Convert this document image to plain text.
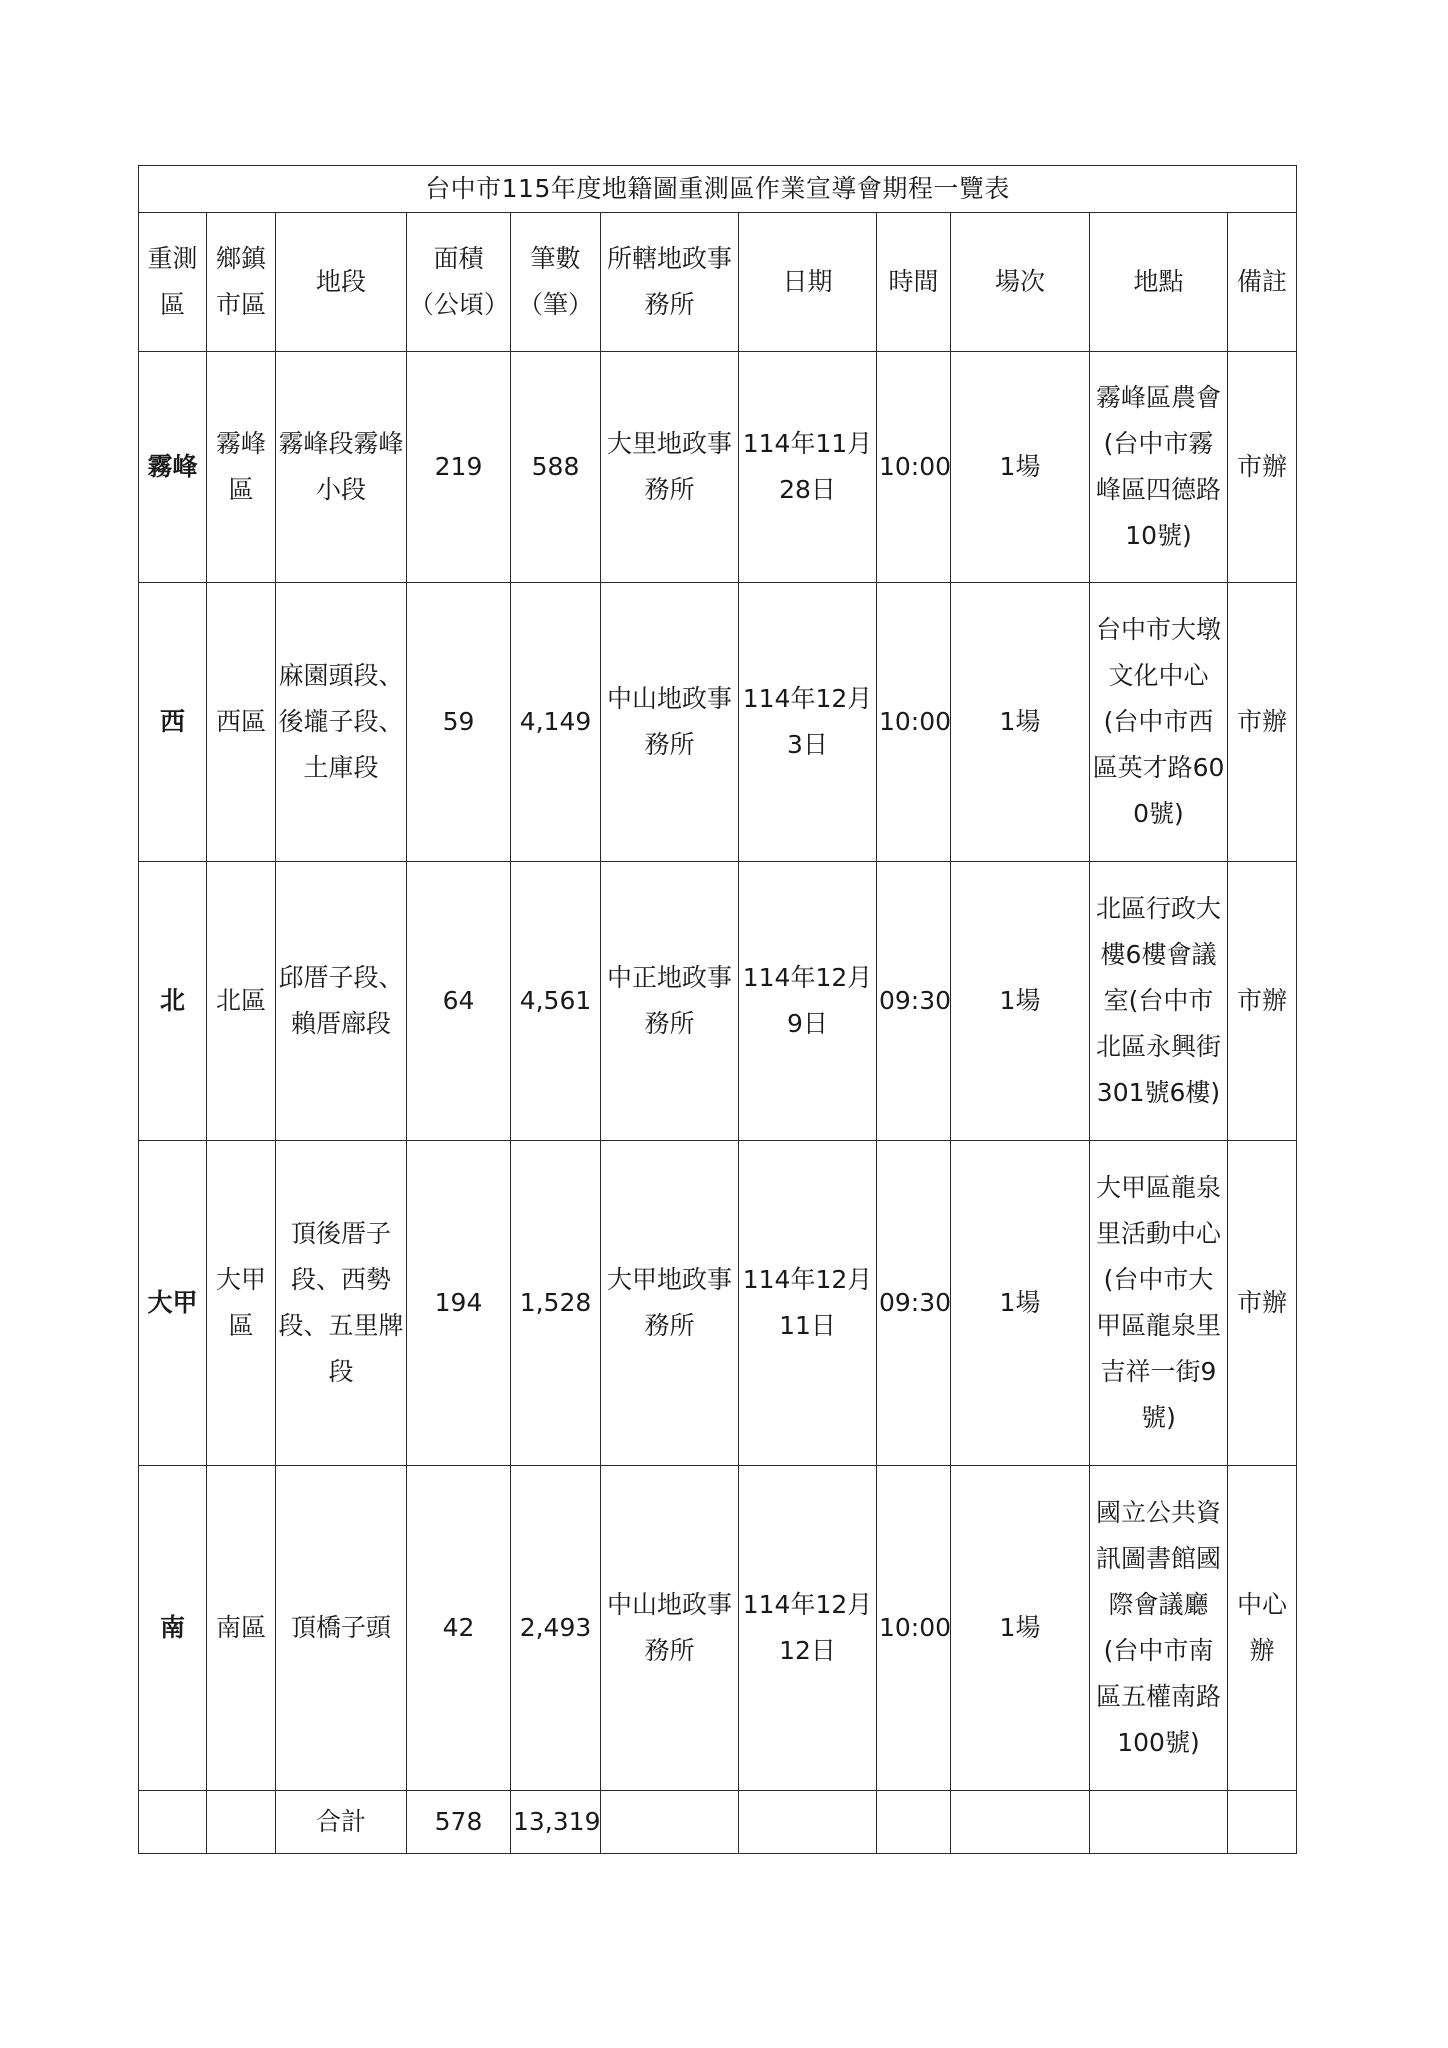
台中市115年度地籍圖重測區作業宣導會期程一覽表										
重測區	鄉鎮市區	地段	面積（公頃）	筆數（筆）	所轄地政事務所	日期	時間	場次	地點	備註
霧峰	霧峰區	霧峰段霧峰小段	219	588	大里地政事務所	114年11月28日	10:00	1場	霧峰區農會(台中市霧峰區四德路10號)	市辦
西	西區	麻園頭段、後壠子段、土庫段	59	4,149	中山地政事務所	114年12月3日	10:00	1場	台中市大墩文化中心(台中市西區英才路600號)	市辦
北	北區	邱厝子段、賴厝廍段	64	4,561	中正地政事務所	114年12月9日	09:30	1場	北區行政大樓6樓會議室(台中市北區永興街301號6樓)	市辦
大甲	大甲區	頂後厝子段、西勢段、五里牌段	194	1,528	大甲地政事務所	114年12月11日	09:30	1場	大甲區龍泉里活動中心(台中市大甲區龍泉里吉祥一街9號)	市辦
南	南區	頂橋子頭	42	2,493	中山地政事務所	114年12月12日	10:00	1場	國立公共資訊圖書館國際會議廳(台中市南區五權南路100號)	中心辦
		合計	578	13,319						
